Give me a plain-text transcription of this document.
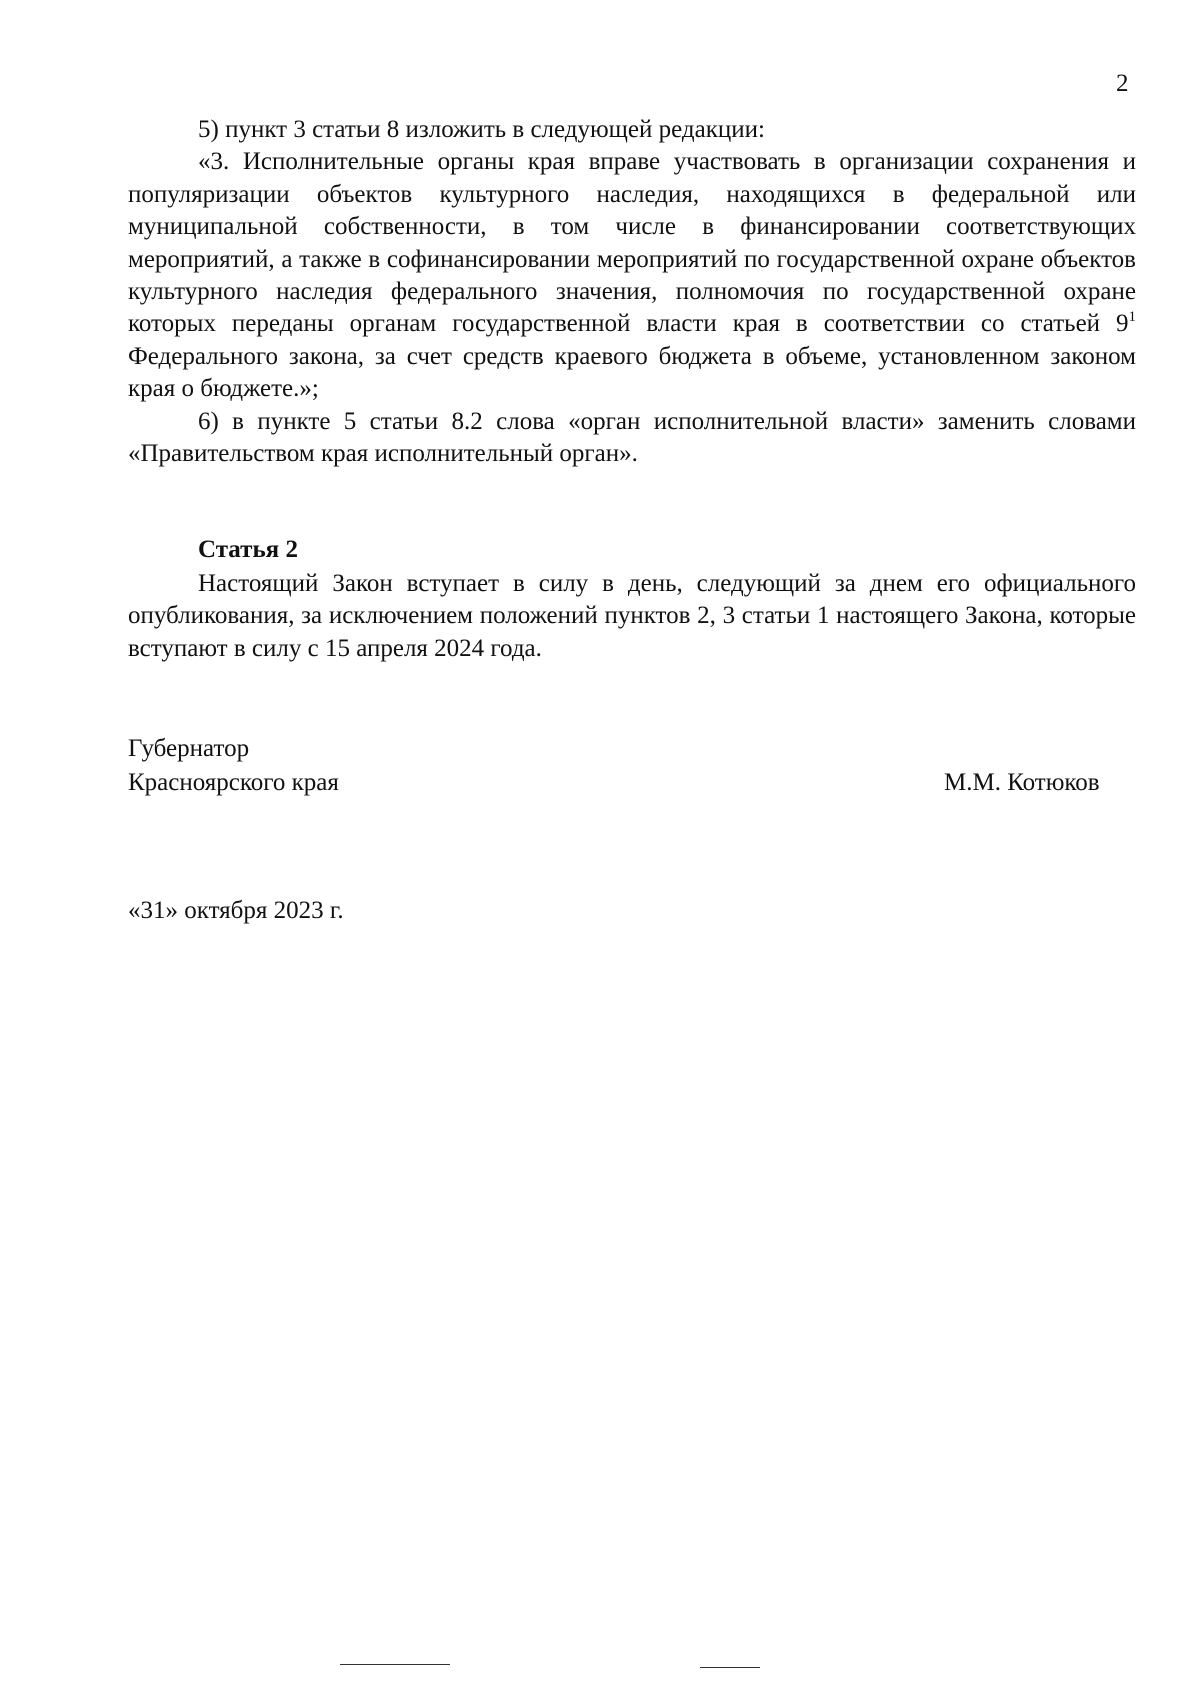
2

5) пункт 3 статьи 8 изложить в следующей редакции:

«3. Исполнительные органы края вправе участвовать в организации сохранения и популяризации объектов культурного наследия, находящихся в федеральной или муниципальной собственности, в том числе в финансировании соответствующих мероприятий, а также в софинансировании мероприятий по государственной охране объектов культурного наследия федерального значения, полномочия по государственной охране которых переданы органам государственной власти края в соответствии со статьей $9^1$ Федерального закона, за счет средств краевого бюджета в объеме, установленном законом края о бюджете.»;

6) в пункте 5 статьи 8.2 слова «орган исполнительной власти» заменить словами «Правительством края исполнительный орган».

Статья 2

Настоящий Закон вступает в силу в день, следующий за днем его официального опубликования, за исключением положений пунктов 2, 3 статьи 1 настоящего Закона, которые вступают в силу с 15 апреля 2024 года.

Губернатор
Красноярского края	М.М. Котюков
«31» октября 2023 г.
